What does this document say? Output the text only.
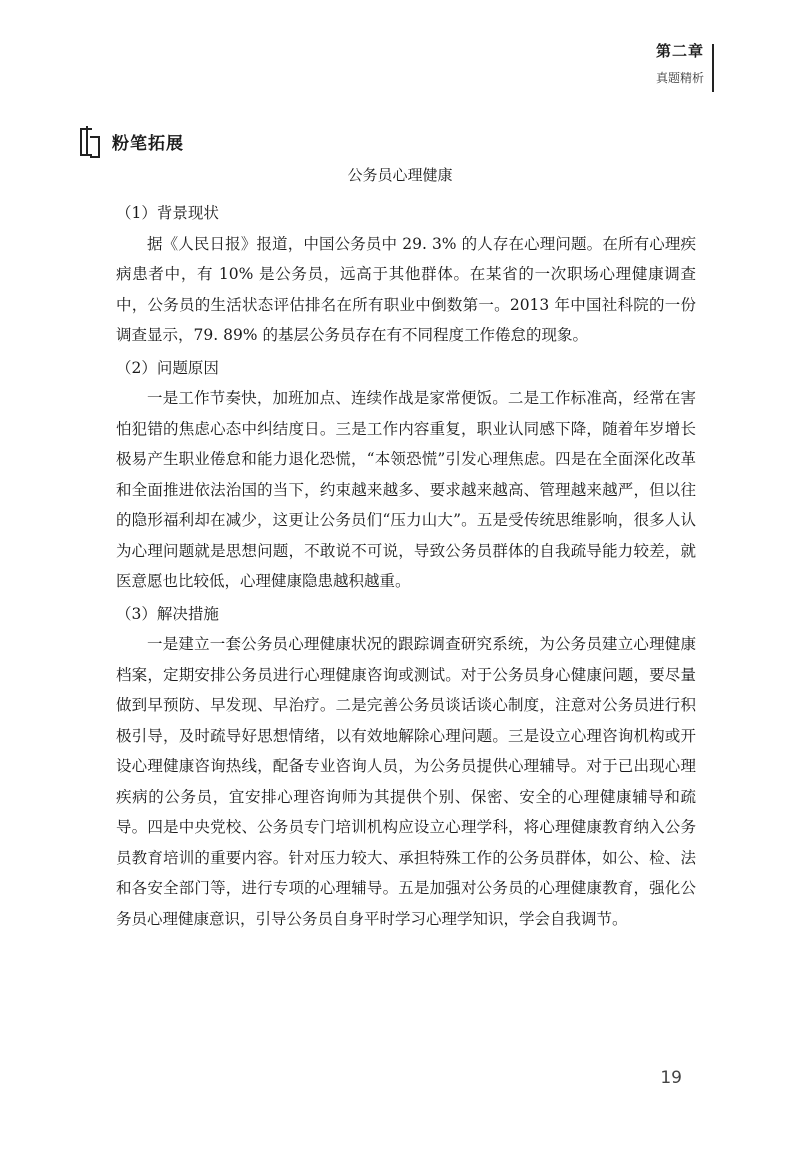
第二章
真题精析
粉笔拓展
公务员心理健康
（1）背景现状

据《人民日报》报道，中国公务员中 29. 3% 的人存在心理问题。在所有心理疾病患者中，有 10% 是公务员，远高于其他群体。在某省的一次职场心理健康调查中，公务员的生活状态评估排名在所有职业中倒数第一。2013 年中国社科院的一份调查显示，79. 89% 的基层公务员存在有不同程度工作倦怠的现象。

（2）问题原因

一是工作节奏快，加班加点、连续作战是家常便饭。二是工作标准高，经常在害怕犯错的焦虑心态中纠结度日。三是工作内容重复，职业认同感下降，随着年岁增长极易产生职业倦怠和能力退化恐慌，“本领恐慌”引发心理焦虑。四是在全面深化改革和全面推进依法治国的当下，约束越来越多、要求越来越高、管理越来越严，但以往的隐形福利却在减少，这更让公务员们“压力山大”。五是受传统思维影响，很多人认为心理问题就是思想问题，不敢说不可说，导致公务员群体的自我疏导能力较差，就医意愿也比较低，心理健康隐患越积越重。

（3）解决措施

一是建立一套公务员心理健康状况的跟踪调查研究系统，为公务员建立心理健康档案，定期安排公务员进行心理健康咨询或测试。对于公务员身心健康问题，要尽量做到早预防、早发现、早治疗。二是完善公务员谈话谈心制度，注意对公务员进行积极引导，及时疏导好思想情绪，以有效地解除心理问题。三是设立心理咨询机构或开设心理健康咨询热线，配备专业咨询人员，为公务员提供心理辅导。对于已出现心理疾病的公务员，宜安排心理咨询师为其提供个别、保密、安全的心理健康辅导和疏导。四是中央党校、公务员专门培训机构应设立心理学科，将心理健康教育纳入公务员教育培训的重要内容。针对压力较大、承担特殊工作的公务员群体，如公、检、法和各安全部门等，进行专项的心理辅导。五是加强对公务员的心理健康教育，强化公务员心理健康意识，引导公务员自身平时学习心理学知识，学会自我调节。

19
